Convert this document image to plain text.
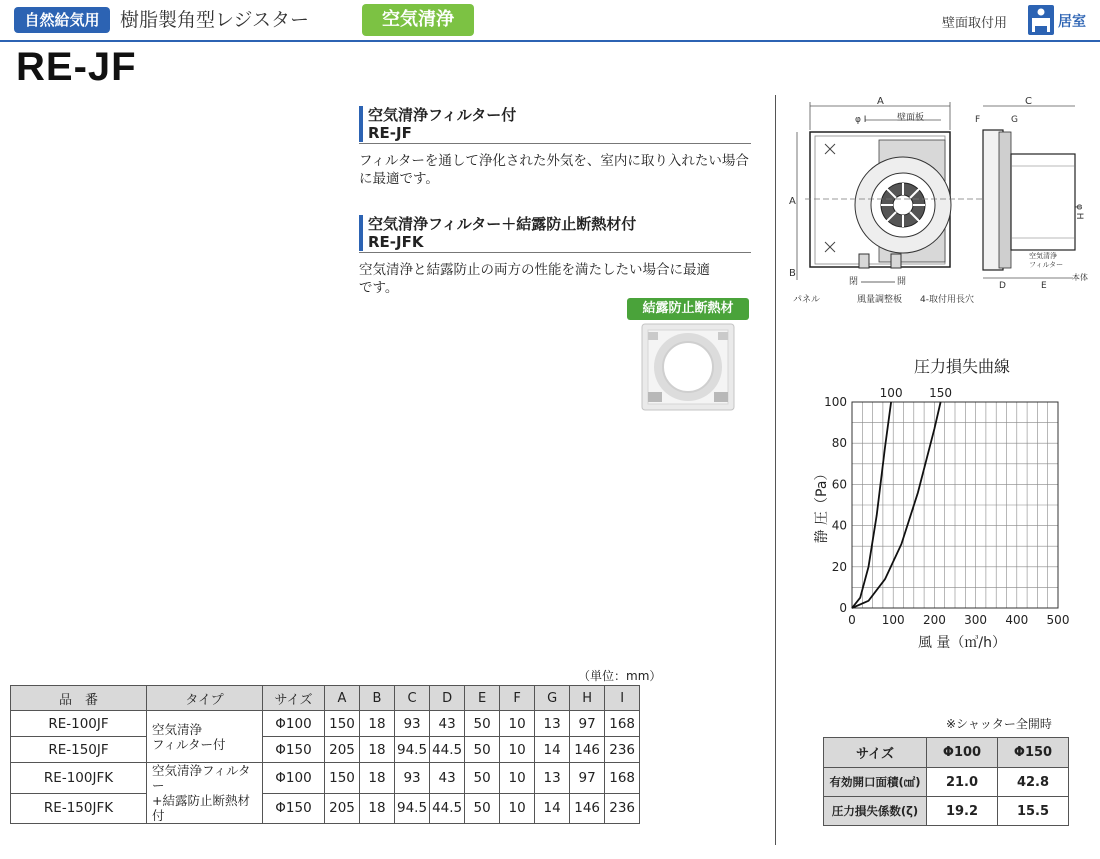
自然給気用	樹脂製角型レジスター	空気清浄	壁面取付用	居室
RE-JF
空気清浄フィルター付
RE-JF
フィルターを通して浄化された外気を、室内に取り入れたい場合
に最適です。
空気清浄フィルター＋結露防止断熱材付
RE-JFK
空気清浄と結露防止の両方の性能を満たしたい場合に最適
です。
結露防止断熱材
A
φ I	壁面板
A
B
閉	開
パネル	風量調整板 4-取付用長穴
C
F	G
φ H
空気清浄
フィルター
本体
D	E
圧力損失曲線
0 100 200 300 400 500
0
20
40
60
80
100
100 150
風 量（㎥/h）
静 圧（Pa）
（単位：mm）
品　番	タイプ	サイズ	A	B	C	D	E	F	G	H	I
RE-100JF	空気清浄
フィルター付	Φ100	150	18	93	43	50	10	13	97	168
RE-150JF		Φ150	205	18	94.5	44.5	50	10	14	146	236
RE-100JFK	空気清浄フィルター
+結露防止断熱材付	Φ100	150	18	93	43	50	10	13	97	168
RE-150JFK		Φ150	205	18	94.5	44.5	50	10	14	146	236
※シャッター全開時
サイズ	Φ100	Φ150
有効開口面積(㎠)	21.0	42.8
圧力損失係数(ζ)	19.2	15.5
